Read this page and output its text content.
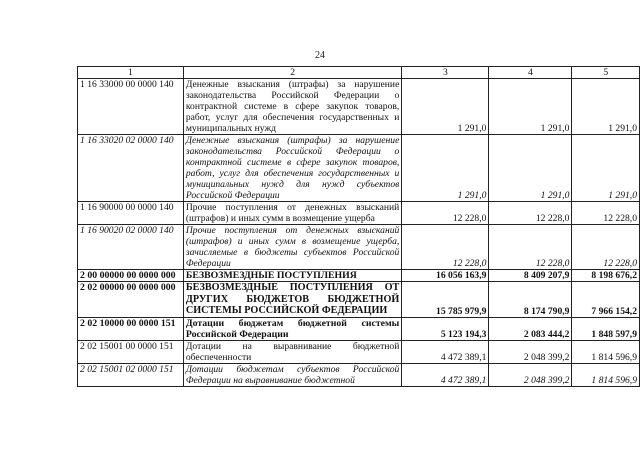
24
1	2	3	4	5
1 16 33000 00 0000 140	Денежные взыскания (штрафы) за нарушение законодательства Российской Федерации о контрактной системе в сфере закупок товаров, работ, услуг для обеспечения государственных и муниципальных нужд	1 291,0	1 291,0	1 291,0
1 16 33020 02 0000 140	Денежные взыскания (штрафы) за нарушение законодательства Российской Федерации о контрактной системе в сфере закупок товаров, работ, услуг для обеспечения государственных и муниципальных нужд для нужд субъектов Российской Федерации	1 291,0	1 291,0	1 291,0
1 16 90000 00 0000 140	Прочие поступления от денежных взысканий (штрафов) и иных сумм в возмещение ущерба	12 228,0	12 228,0	12 228,0
1 16 90020 02 0000 140	Прочие поступления от денежных взысканий (штрафов) и иных сумм в возмещение ущерба, зачисляемые в бюджеты субъектов Российской Федерации	12 228,0	12 228,0	12 228,0
2 00 00000 00 0000 000	БЕЗВОЗМЕЗДНЫЕ ПОСТУПЛЕНИЯ	16 056 163,9	8 409 207,9	8 198 676,2
2 02 00000 00 0000 000	БЕЗВОЗМЕЗДНЫЕ ПОСТУПЛЕНИЯ ОТ ДРУГИХ БЮДЖЕТОВ БЮДЖЕТНОЙ СИСТЕМЫ РОССИЙСКОЙ ФЕДЕРАЦИИ	15 785 979,9	8 174 790,9	7 966 154,2
2 02 10000 00 0000 151	Дотации бюджетам бюджетной системы Российской Федерации	5 123 194,3	2 083 444,2	1 848 597,9
2 02 15001 00 0000 151	Дотации на выравнивание бюджетной обеспеченности	4 472 389,1	2 048 399,2	1 814 596,9
2 02 15001 02 0000 151	Дотации бюджетам субъектов Российской Федерации на выравнивание бюджетной	4 472 389,1	2 048 399,2	1 814 596,9
